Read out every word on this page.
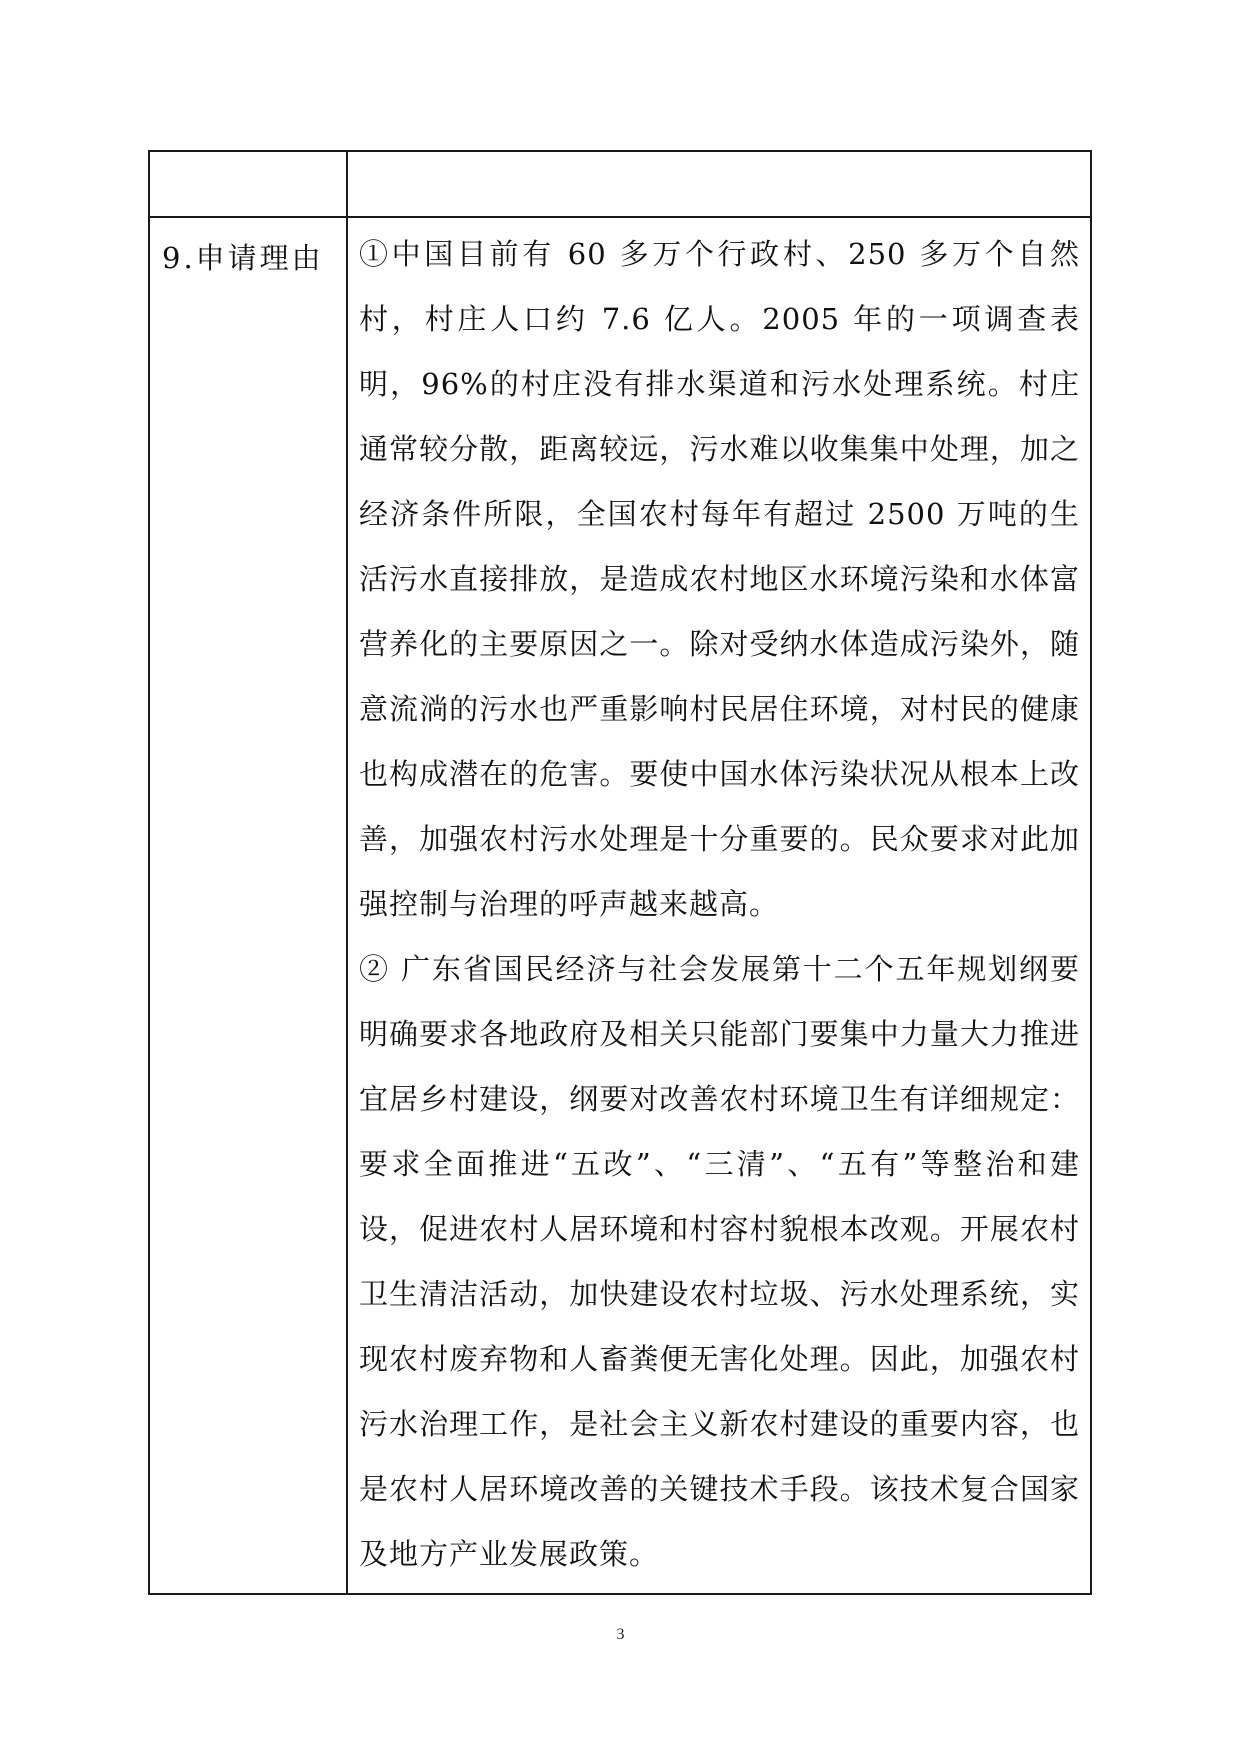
9.申请理由	①中国目前有 60 多万个行政村、250 多万个自然村，村庄人口约 7.6 亿人。2005 年的一项调查表明，96%的村庄没有排水渠道和污水处理系统。村庄通常较分散，距离较远，污水难以收集集中处理，加之经济条件所限，全国农村每年有超过 2500 万吨的生活污水直接排放，是造成农村地区水环境污染和水体富营养化的主要原因之一。除对受纳水体造成污染外，随意流淌的污水也严重影响村民居住环境，对村民的健康也构成潜在的危害。要使中国水体污染状况从根本上改善，加强农村污水处理是十分重要的。民众要求对此加强控制与治理的呼声越来越高。

② 广东省国民经济与社会发展第十二个五年规划纲要明确要求各地政府及相关只能部门要集中力量大力推进宜居乡村建设，纲要对改善农村环境卫生有详细规定：要求全面推进“五改”、“三清”、“五有”等整治和建设，促进农村人居环境和村容村貌根本改观。开展农村卫生清洁活动，加快建设农村垃圾、污水处理系统，实现农村废弃物和人畜粪便无害化处理。因此，加强农村污水治理工作，是社会主义新农村建设的重要内容，也是农村人居环境改善的关键技术手段。该技术复合国家及地方产业发展政策。

3
